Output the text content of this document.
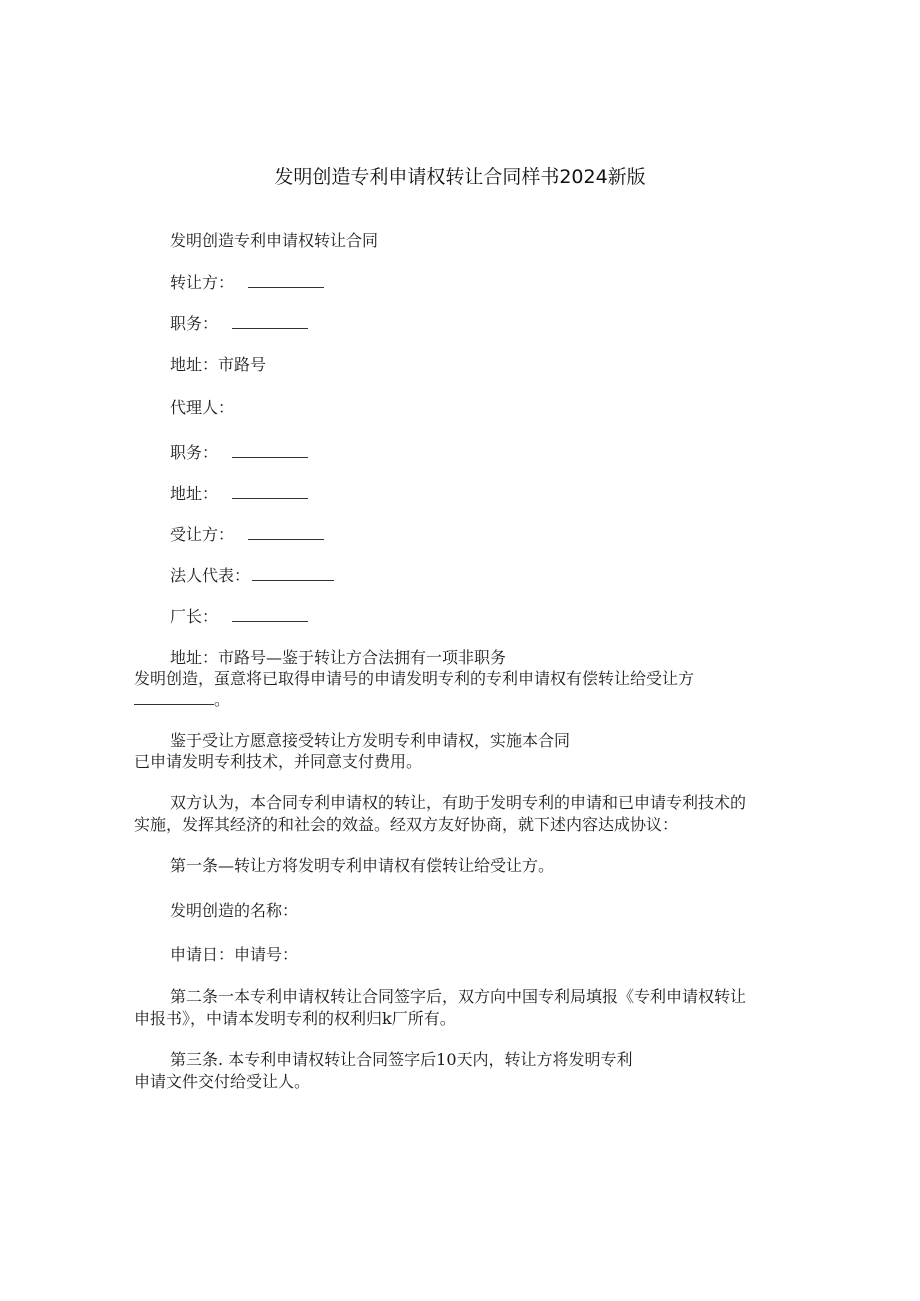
发明创造专利申请权转让合同样书2024新版
发明创造专利申请权转让合同
转让方：
职务：
地址：市路号
代理人：
职务：
地址：
受让方：
法人代表：
厂长：
地址：市路号—鉴于转让方合法拥有一项非职务
发明创造，虿意将已取得申请号的申请发明专利的专利申请权有偿转让给受让方
。
鉴于受让方愿意接受转让方发明专利申请权，实施本合同
已申请发明专利技术，并同意支付费用。
双方认为，本合同专利申请权的转让，有助于发明专利的申请和已申请专利技术的
实施，发挥其经济的和社会的效益。经双方友好协商，就下述内容达成协议：
第一条—转让方将发明专利申请权有偿转让给受让方。
发明创造的名称：
申请日：申请号：
第二条一本专利申请权转让合同签字后，双方向中国专利局填报《专利申请权转让
申报书》，中请本发明专利的权利归k厂所有。
第三条. 本专利申请权转让合同签字后10天内，转让方将发明专利
申请文件交付给受让人。
